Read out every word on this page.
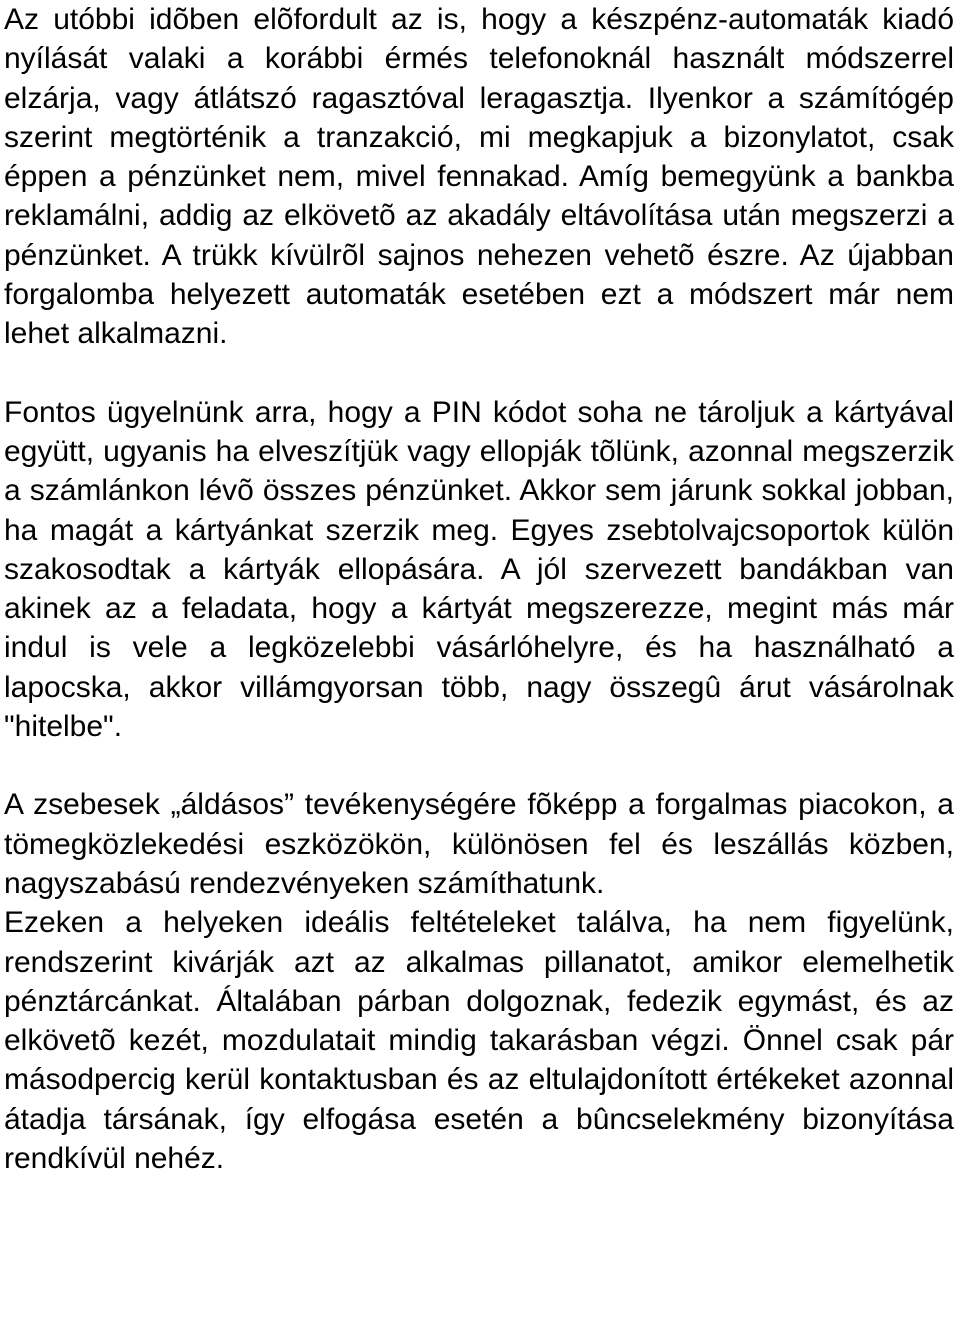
Az utóbbi idõben elõfordult az is, hogy a készpénz-automaták kiadó nyílását valaki a korábbi érmés telefonoknál használt módszerrel elzárja, vagy átlátszó ragasztóval leragasztja. Ilyenkor a számítógép szerint megtörténik a tranzakció, mi megkapjuk a bizonylatot, csak éppen a pénzünket nem, mivel fennakad. Amíg bemegyünk a bankba reklamálni, addig az elkövetõ az akadály eltávolítása után megszerzi a pénzünket. A trükk kívülrõl sajnos nehezen vehetõ észre. Az újabban forgalomba helyezett automaták esetében ezt a módszert már nem lehet alkalmazni.

Fontos ügyelnünk arra, hogy a PIN kódot soha ne tároljuk a kártyával együtt, ugyanis ha elveszítjük vagy ellopják tõlünk, azonnal megszerzik a számlánkon lévõ összes pénzünket. Akkor sem járunk sokkal jobban, ha magát a kártyánkat szerzik meg. Egyes zsebtolvajcsoportok külön szakosodtak a kártyák ellopására. A jól szervezett bandákban van akinek az a feladata, hogy a kártyát megszerezze, megint más már indul is vele a legközelebbi vásárlóhelyre, és ha használható a lapocska, akkor villámgyorsan több, nagy összegû árut vásárolnak "hitelbe".

A zsebesek „áldásos” tevékenységére fõképp a forgalmas piacokon, a tömegközlekedési eszközökön, különösen fel és leszállás közben, nagyszabású rendezvényeken számíthatunk.

Ezeken a helyeken ideális feltételeket találva, ha nem figyelünk, rendszerint kivárják azt az alkalmas pillanatot, amikor elemelhetik pénztárcánkat. Általában párban dolgoznak, fedezik egymást, és az elkövetõ kezét, mozdulatait mindig takarásban végzi. Önnel csak pár másodpercig kerül kontaktusban és az eltulajdonított értékeket azonnal átadja társának, így elfogása esetén a bûncselekmény bizonyítása rendkívül nehéz.
